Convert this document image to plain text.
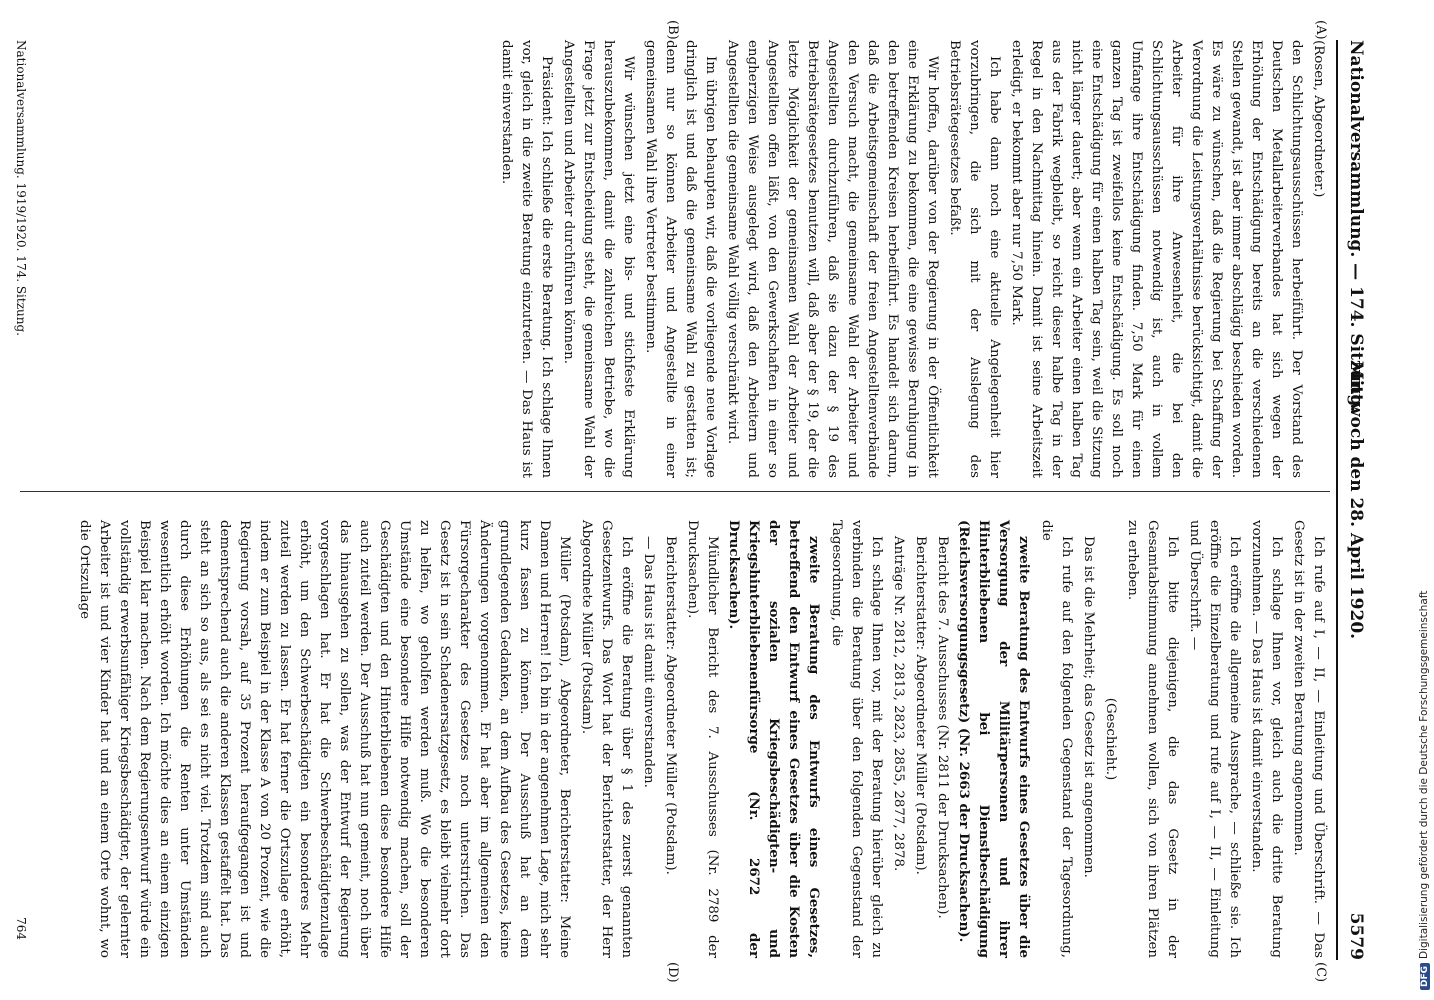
Nationalversammlung. — 174. Sitzung.
Mittwoch den 28. April 1920.
5579
(A)
(B)
(C)
(D)

(Rosen, Abgeordneter.)

den Schlichtungsausschüssen herbeiführt. Der Vorstand des Deutschen Metallarbeiterverbandes hat sich wegen der Erhöhung der Entschädigung bereits an die verschiedenen Stellen gewandt, ist aber immer abschlägig beschieden worden. Es wäre zu wünschen, daß die Regierung bei Schaffung der Verordnung die Leistungsverhältnisse berücksichtigt, damit die Arbeiter für ihre Anwesenheit, die bei den Schlichtungsausschüssen notwendig ist, auch in vollem Umfange ihre Entschädigung finden. 7,50 Mark für einen ganzen Tag ist zweifellos keine Entschädigung. Es soll noch eine Entschädigung für einen halben Tag sein, weil die Sitzung nicht länger dauert; aber wenn ein Arbeiter einen halben Tag aus der Fabrik wegbleibt, so reicht dieser halbe Tag in der Regel in den Nachmittag hinein. Damit ist seine Arbeitszeit erledigt, er bekommt aber nur 7,50 Mark.

Ich habe dann noch eine aktuelle Angelegenheit hier vorzubringen, die sich mit der Auslegung des Betriebsrätegesetzes befaßt.

Wir hoffen, darüber von der Regierung in der Öffentlichkeit eine Erklärung zu bekommen, die eine gewisse Beruhigung in den betreffenden Kreisen herbeiführt. Es handelt sich darum, daß die Arbeitsgemeinschaft der freien Angestelltenverbände den Versuch macht, die gemeinsame Wahl der Arbeiter und Angestellten durchzuführen, daß sie dazu der § 19 des Betriebsrätegesetzes benutzen will, daß aber der § 19, der die letzte Möglichkeit der gemeinsamen Wahl der Arbeiter und Angestellten offen läßt, von den Gewerkschaften in einer so engherzigen Weise ausgelegt wird, daß den Arbeitern und Angestellten die gemeinsame Wahl völlig verschränkt wird.

Im übrigen behaupten wir, daß die vorliegende neue Vorlage dringlich ist und daß die gemeinsame Wahl zu gestatten ist; denn nur so können Arbeiter und Angestellte in einer gemeinsamen Wahl ihre Vertreter bestimmen.

Wir wünschen jetzt eine bis- und stichfeste Erklärung herauszubekommen, damit die zahlreichen Betriebe, wo die Frage jetzt zur Entscheidung steht, die gemeinsame Wahl der Angestellten und Arbeiter durchführen können.

Präsident: Ich schließe die erste Beratung. Ich schlage Ihnen vor, gleich in die zweite Beratung einzutreten. — Das Haus ist damit einverstanden.

Ich rufe auf I, — II, — Einleitung und Überschrift. — Das Gesetz ist in der zweiten Beratung angenommen.

Ich schlage Ihnen vor, gleich auch die dritte Beratung vorzunehmen. — Das Haus ist damit einverstanden.

Ich eröffne die allgemeine Aussprache, — schließe sie. Ich eröffne die Einzelberatung und rufe auf I, — II, — Einleitung und Überschrift. —

Ich bitte diejenigen, die das Gesetz in der Gesamtabstimmung annehmen wollen, sich von ihren Plätzen zu erheben.

(Geschieht.)

Das ist die Mehrheit; das Gesetz ist angenommen.

Ich rufe auf den folgenden Gegenstand der Tagesordnung, die

zweite Beratung des Entwurfs eines Gesetzes über die Versorgung der Militärpersonen und ihrer Hinterbliebenen bei Dienstbeschädigung (Reichsversorgungsgesetz) (Nr. 2663 der Drucksachen).

Bericht des 7. Ausschusses (Nr. 2811 der Drucksachen).

Berichterstatter: Abgeordneter Müller (Potsdam).

Anträge Nr. 2812, 2813, 2823, 2855, 2877, 2878.

Ich schlage Ihnen vor, mit der Beratung hierüber gleich zu verbinden die Beratung über den folgenden Gegenstand der Tagesordnung, die

zweite Beratung des Entwurfs eines Gesetzes, betreffend den Entwurf eines Gesetzes über die Kosten der sozialen Kriegsbeschädigten- und Kriegshinterbliebenenfürsorge (Nr. 2672 der Drucksachen).

Mündlicher Bericht des 7. Ausschusses (Nr. 2789 der Drucksachen).

Berichterstatter: Abgeordneter Müller (Potsdam).

— Das Haus ist damit einverstanden.

Ich eröffne die Beratung über § 1 des zuerst genannten Gesetzentwurfs. Das Wort hat der Berichterstatter, der Herr Abgeordnete Müller (Potsdam).

Müller (Potsdam), Abgeordneter, Berichterstatter: Meine Damen und Herren! Ich bin in der angenehmen Lage, mich sehr kurz fassen zu können. Der Ausschuß hat an dem grundlegenden Gedanken, an dem Aufbau des Gesetzes, keine Änderungen vorgenommen. Er hat aber im allgemeinen den Fürsorgecharakter des Gesetzes noch unterstrichen. Das Gesetz ist in sein Schadenersatzgesetz, es bleibt vielmehr dort zu helfen, wo geholfen werden muß. Wo die besonderen Umstände eine besondere Hilfe notwendig machen, soll der Geschädigten und den Hinterbliebenen diese besondere Hilfe auch zuteil werden. Der Ausschuß hat nun gemeint, noch über das hinausgehen zu sollen, was der Entwurf der Regierung vorgeschlagen hat. Er hat die Schwerbeschädigtenzulage erhöht, um den Schwerbeschädigten ein besonderes Mehr zuteil werden zu lassen. Er hat ferner die Ortszulage erhöht, indem er zum Beispiel in der Klasse A von 20 Prozent, wie die Regierung vorsah, auf 35 Prozent heraufgegangen ist und dementsprechend auch die anderen Klassen gestaffelt hat. Das steht an sich so aus, als sei es nicht viel. Trotzdem sind auch durch diese Erhöhungen die Renten unter Umständen wesentlich erhöht worden. Ich möchte dies an einem einzigen Beispiel klar machen. Nach dem Regierungsentwurf würde ein vollständig erwerbsunfähiger Kriegsbeschädigter, der gelernter Arbeiter ist und vier Kinder hat und an einem Orte wohnt, wo die Ortszulage

Nationalversammlung. 1919/1920. 174. Sitzung.
764
DFGDigitalisierung gefördert durch die Deutsche Forschungsgemeinschaft
